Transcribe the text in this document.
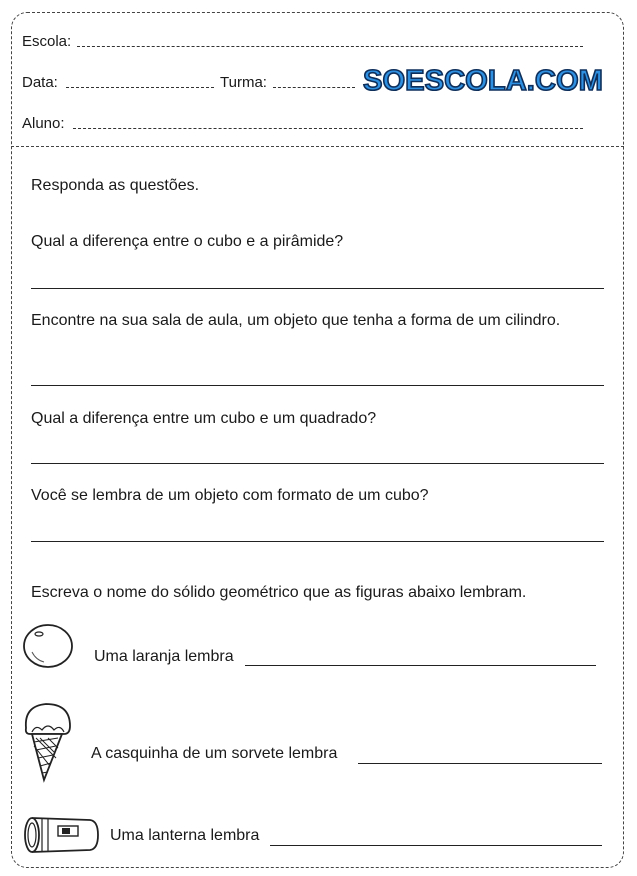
Escola:
Data:	Turma:	SOESCOLA.COM
Aluno:
Responda as questões.
Qual a diferença entre o cubo e a pirâmide?
Encontre na sua sala de aula, um objeto que tenha a forma de um cilindro.
Qual a diferença entre um cubo e um quadrado?
Você se lembra de um objeto com formato de um cubo?
Escreva o nome do sólido geométrico que as figuras abaixo lembram.
Uma laranja lembra
A casquinha de um sorvete lembra
Uma lanterna lembra
